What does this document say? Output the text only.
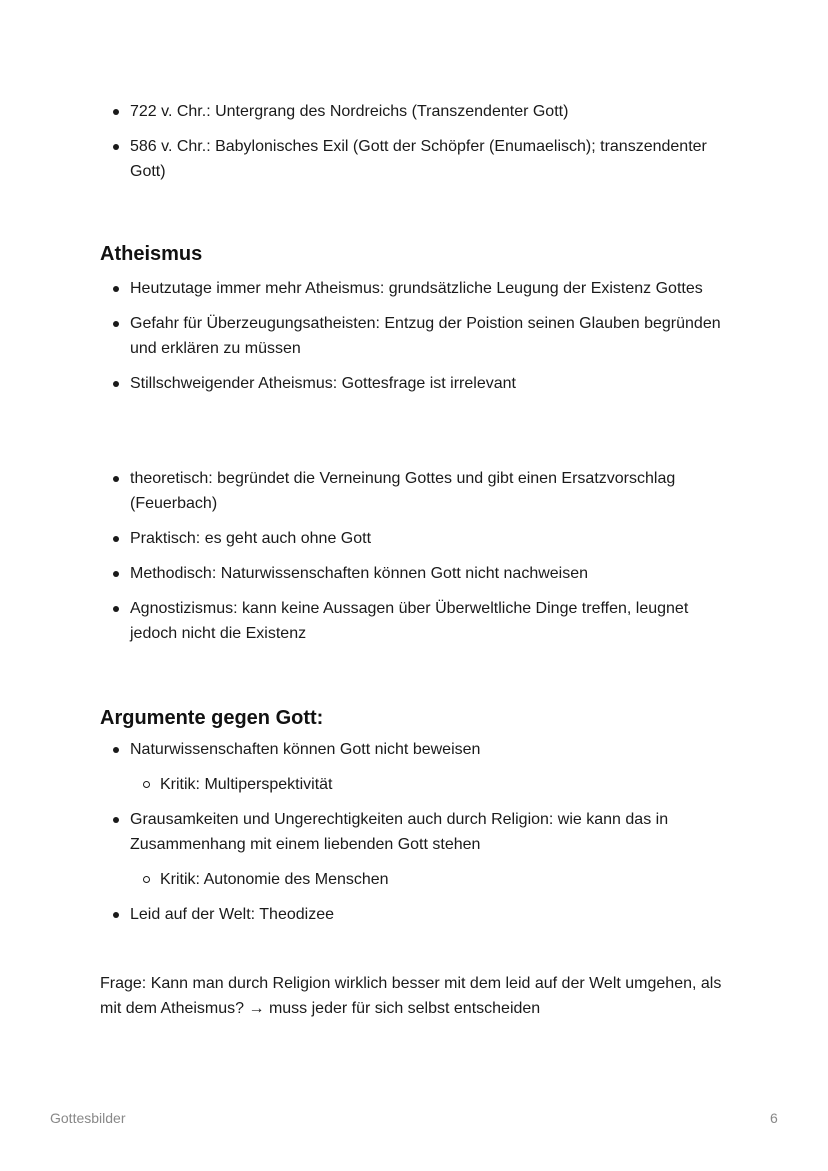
722 v. Chr.: Untergrang des Nordreichs (Transzendenter Gott)
586 v. Chr.: Babylonisches Exil (Gott der Schöpfer (Enumaelisch); transzendenter Gott)
Atheismus
Heutzutage immer mehr Atheismus: grundsätzliche Leugung der Existenz Gottes
Gefahr für Überzeugungsatheisten: Entzug der Poistion seinen Glauben begründen und erklären zu müssen
Stillschweigender Atheismus: Gottesfrage ist irrelevant
theoretisch: begründet die Verneinung Gottes und gibt einen Ersatzvorschlag (Feuerbach)
Praktisch: es geht auch ohne Gott
Methodisch: Naturwissenschaften können Gott nicht nachweisen
Agnostizismus: kann keine Aussagen über Überweltliche Dinge treffen, leugnet jedoch nicht die Existenz
Argumente gegen Gott:
Naturwissenschaften können Gott nicht beweisen
Kritik: Multiperspektivität
Grausamkeiten und Ungerechtigkeiten auch durch Religion: wie kann das in Zusammenhang mit einem liebenden Gott stehen
Kritik: Autonomie des Menschen
Leid auf der Welt: Theodizee

Frage: Kann man durch Religion wirklich besser mit dem leid auf der Welt umgehen, als mit dem Atheismus? → muss jeder für sich selbst entscheiden

Gottesbilder	6
